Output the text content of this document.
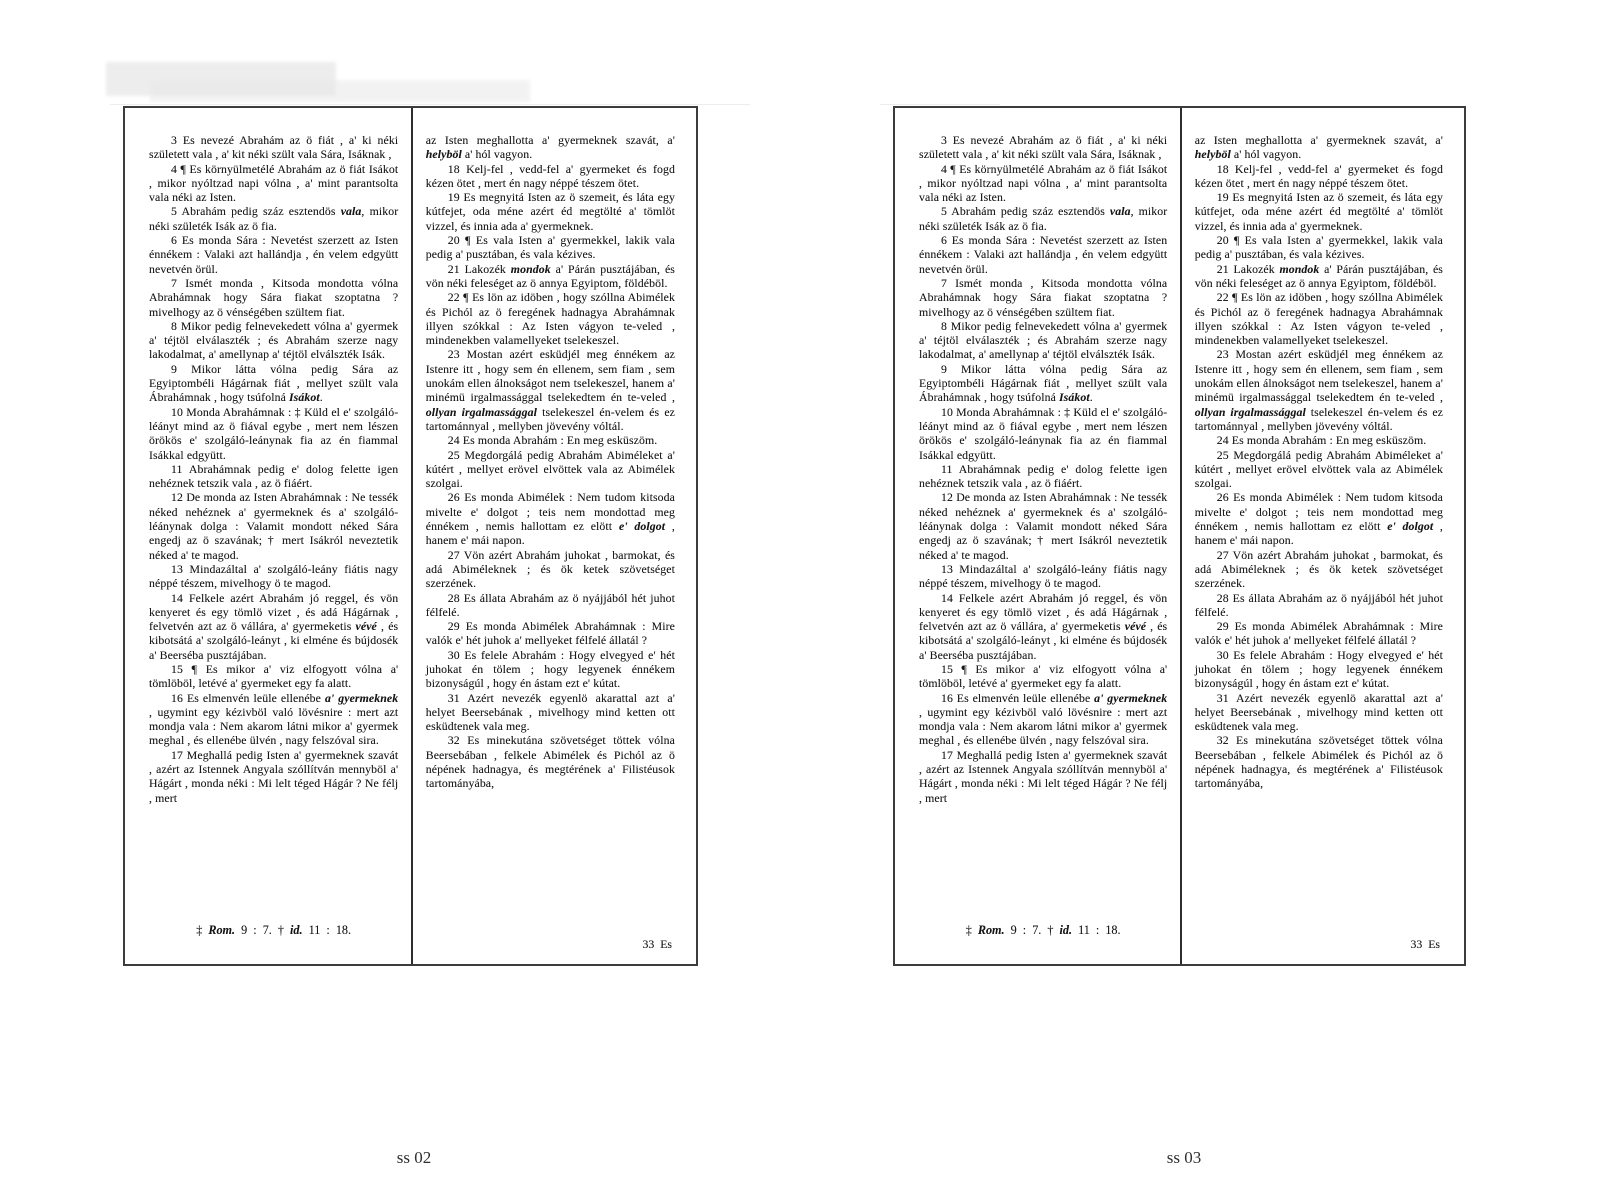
3 Es nevezé Abrahám az ö fiát , a' ki néki született vala , a' kit néki szült vala Sára, Isáknak ,
4 ¶ Es környülmetélé Abrahám az ö fiát Isákot , mikor nyóltzad napi vólna , a' mint parantsolta vala néki az Isten.
5 Abrahám pedig száz esztendös vala, mikor néki születék Isák az ö fia.
6 Es monda Sára : Nevetést szerzett az Isten énnékem : Valaki azt hallándja , én velem edgyütt nevetvén örül.
7 Ismét monda , Kitsoda mondotta vólna Abrahámnak hogy Sára fiakat szoptatna ? mivelhogy az ö vénségében szültem fiat.
8 Mikor pedig felnevekedett vólna a' gyermek a' téjtöl elválaszték ; és Abrahám szerze nagy lakodalmat, a' amellynap a' téjtöl elválszték Isák.
9 Mikor látta vólna pedig Sára az Egyiptombéli Hágárnak fiát , mellyet szült vala Ábrahámnak , hogy tsúfolná Isákot.
10 Monda Abrahámnak : ‡ Küld el e' szolgáló-léányt mind az ö fiával egybe , mert nem lészen örökös e' szolgáló-leánynak fia az én fiammal Isákkal edgyütt.
11 Abrahámnak pedig e' dolog felette igen nehéznek tetszik vala , az ö fiáért.
12 De monda az Isten Abrahámnak : Ne tessék néked nehéznek a' gyermeknek és a' szolgáló-léánynak dolga : Valamit mondott néked Sára engedj az ö szavának; † mert Isákról neveztetik néked a' te magod.
13 Mindazáltal a' szolgáló-leány fiátis nagy néppé tészem, mivelhogy ö te magod.
14 Felkele azért Abrahám jó reggel, és vön kenyeret és egy tömlö vizet , és adá Hágárnak , felvetvén azt az ö vállára, a' gyermeketis vévé , és kibotsátá a' szolgáló-leányt , ki elméne és bújdosék a' Beerséba pusztájában.
15 ¶ Es mikor a' viz elfogyott vólna a' tömlöböl, letévé a' gyermeket egy fa alatt.
16 Es elmenvén leüle ellenébe a' gyermeknek , ugymint egy kézivböl való lövésnire : mert azt mondja vala : Nem akarom látni mikor a' gyermek meghal , és ellenébe ülvén , nagy felszóval sira.
17 Meghallá pedig Isten a' gyermeknek szavát , azért az Istennek Angyala szóllítván mennyböl a' Hágárt , monda néki : Mi lelt téged Hágár ? Ne félj , mert
‡ Rom. 9 : 7. † id. 11 : 18.
az Isten meghallotta a' gyermeknek szavát, a' helyböl a' hól vagyon.
18 Kelj-fel , vedd-fel a' gyermeket és fogd kézen ötet , mert én nagy néppé tészem ötet.
19 Es megnyitá Isten az ö szemeit, és láta egy kútfejet, oda méne azért éd megtölté a' tömlöt vizzel, és innia ada a' gyermeknek.
20 ¶ Es vala Isten a' gyermekkel, lakik vala pedig a' pusztában, és vala kézives.
21 Lakozék mondok a' Párán pusztájában, és vön néki feleséget az ö annya Egyiptom, földéböl.
22 ¶ Es lön az idöben , hogy szóllna Abimélek és Pichól az ö feregének hadnagya Abrahámnak illyen szókkal : Az Isten vágyon te-veled , mindenekben valamellyeket tselekeszel.
23 Mostan azért esküdjél meg énnékem az Istenre itt , hogy sem én ellenem, sem fiam , sem unokám ellen álnokságot nem tselekeszel, hanem a' minémü irgalmassággal tselekedtem én te-veled , ollyan irgalmassággal tselekeszel én-velem és ez tartománnyal , mellyben jövevény vóltál.
24 Es monda Abrahám : En meg esküszöm.
25 Megdorgálá pedig Abrahám Abiméleket a' kútért , mellyet erövel elvöttek vala az Abimélek szolgai.
26 Es monda Abimélek : Nem tudom kitsoda mivelte e' dolgot ; teis nem mondottad meg énnékem , nemis hallottam ez elött e' dolgot , hanem e' mái napon.
27 Vön azért Abrahám juhokat , barmokat, és adá Abiméleknek ; és ök ketek szövetséget szerzének.
28 Es állata Abrahám az ö nyájjából hét juhot félfelé.
29 Es monda Abimélek Abrahámnak : Mire valók e' hét juhok a' mellyeket félfelé állatál ?
30 Es felele Abrahám : Hogy elvegyed e' hét juhokat én tölem ; hogy legyenek énnékem bizonyságúl , hogy én ástam ezt e' kútat.
31 Azért nevezék egyenlö akarattal azt a' helyet Beersebának , mivelhogy mind ketten ott esküdtenek vala meg.
32 Es minekutána szövetséget töttek vólna Beersebában , felkele Abimélek és Pichól az ö népének hadnagya, és megtérének a' Filistéusok tartományába,
33  Es
3 Es nevezé Abrahám az ö fiát , a' ki néki született vala , a' kit néki szült vala Sára, Isáknak ,
4 ¶ Es környülmetélé Abrahám az ö fiát Isákot , mikor nyóltzad napi vólna , a' mint parantsolta vala néki az Isten.
5 Abrahám pedig száz esztendös vala, mikor néki születék Isák az ö fia.
6 Es monda Sára : Nevetést szerzett az Isten énnékem : Valaki azt hallándja , én velem edgyütt nevetvén örül.
7 Ismét monda , Kitsoda mondotta vólna Abrahámnak hogy Sára fiakat szoptatna ? mivelhogy az ö vénségében szültem fiat.
8 Mikor pedig felnevekedett vólna a' gyermek a' téjtöl elválaszték ; és Abrahám szerze nagy lakodalmat, a' amellynap a' téjtöl elválszték Isák.
9 Mikor látta vólna pedig Sára az Egyiptombéli Hágárnak fiát , mellyet szült vala Ábrahámnak , hogy tsúfolná Isákot.
10 Monda Abrahámnak : ‡ Küld el e' szolgáló-léányt mind az ö fiával egybe , mert nem lészen örökös e' szolgáló-leánynak fia az én fiammal Isákkal edgyütt.
11 Abrahámnak pedig e' dolog felette igen nehéznek tetszik vala , az ö fiáért.
12 De monda az Isten Abrahámnak : Ne tessék néked nehéznek a' gyermeknek és a' szolgáló-léánynak dolga : Valamit mondott néked Sára engedj az ö szavának; † mert Isákról neveztetik néked a' te magod.
13 Mindazáltal a' szolgáló-leány fiátis nagy néppé tészem, mivelhogy ö te magod.
14 Felkele azért Abrahám jó reggel, és vön kenyeret és egy tömlö vizet , és adá Hágárnak , felvetvén azt az ö vállára, a' gyermeketis vévé , és kibotsátá a' szolgáló-leányt , ki elméne és bújdosék a' Beerséba pusztájában.
15 ¶ Es mikor a' viz elfogyott vólna a' tömlöböl, letévé a' gyermeket egy fa alatt.
16 Es elmenvén leüle ellenébe a' gyermeknek , ugymint egy kézivböl való lövésnire : mert azt mondja vala : Nem akarom látni mikor a' gyermek meghal , és ellenébe ülvén , nagy felszóval sira.
17 Meghallá pedig Isten a' gyermeknek szavát , azért az Istennek Angyala szóllítván mennyböl a' Hágárt , monda néki : Mi lelt téged Hágár ? Ne félj , mert
‡ Rom. 9 : 7. † id. 11 : 18.
az Isten meghallotta a' gyermeknek szavát, a' helyböl a' hól vagyon.
18 Kelj-fel , vedd-fel a' gyermeket és fogd kézen ötet , mert én nagy néppé tészem ötet.
19 Es megnyitá Isten az ö szemeit, és láta egy kútfejet, oda méne azért éd megtölté a' tömlöt vizzel, és innia ada a' gyermeknek.
20 ¶ Es vala Isten a' gyermekkel, lakik vala pedig a' pusztában, és vala kézives.
21 Lakozék mondok a' Párán pusztájában, és vön néki feleséget az ö annya Egyiptom, földéböl.
22 ¶ Es lön az idöben , hogy szóllna Abimélek és Pichól az ö feregének hadnagya Abrahámnak illyen szókkal : Az Isten vágyon te-veled , mindenekben valamellyeket tselekeszel.
23 Mostan azért esküdjél meg énnékem az Istenre itt , hogy sem én ellenem, sem fiam , sem unokám ellen álnokságot nem tselekeszel, hanem a' minémü irgalmassággal tselekedtem én te-veled , ollyan irgalmassággal tselekeszel én-velem és ez tartománnyal , mellyben jövevény vóltál.
24 Es monda Abrahám : En meg esküszöm.
25 Megdorgálá pedig Abrahám Abiméleket a' kútért , mellyet erövel elvöttek vala az Abimélek szolgai.
26 Es monda Abimélek : Nem tudom kitsoda mivelte e' dolgot ; teis nem mondottad meg énnékem , nemis hallottam ez elött e' dolgot , hanem e' mái napon.
27 Vön azért Abrahám juhokat , barmokat, és adá Abiméleknek ; és ök ketek szövetséget szerzének.
28 Es állata Abrahám az ö nyájjából hét juhot félfelé.
29 Es monda Abimélek Abrahámnak : Mire valók e' hét juhok a' mellyeket félfelé állatál ?
30 Es felele Abrahám : Hogy elvegyed e' hét juhokat én tölem ; hogy legyenek énnékem bizonyságúl , hogy én ástam ezt e' kútat.
31 Azért nevezék egyenlö akarattal azt a' helyet Beersebának , mivelhogy mind ketten ott esküdtenek vala meg.
32 Es minekutána szövetséget töttek vólna Beersebában , felkele Abimélek és Pichól az ö népének hadnagya, és megtérének a' Filistéusok tartományába,
33  Es
ss 02	ss 03
